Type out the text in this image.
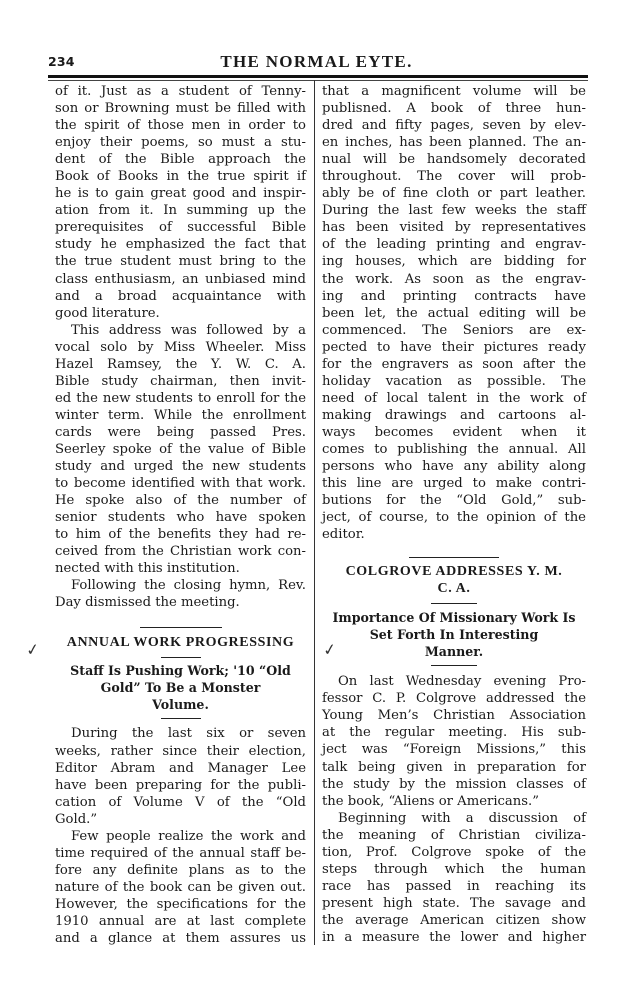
234	THE NORMAL EYTE.
of it. Just as a student of Tenny-
son or Browning must be filled with
the spirit of those men in order to
enjoy their poems, so must a stu-
dent of the Bible approach the
Book of Books in the true spirit if
he is to gain great good and inspir-
ation from it. In summing up the
prerequisites of successful Bible
study he emphasized the fact that
the true student must bring to the
class enthusiasm, an unbiased mind
and a broad acquaintance with
good literature.
This address was followed by a
vocal solo by Miss Wheeler. Miss
Hazel Ramsey, the Y. W. C. A.
Bible study chairman, then invit-
ed the new students to enroll for the
winter term. While the enrollment
cards were being passed Pres.
Seerley spoke of the value of Bible
study and urged the new students
to become identified with that work.
He spoke also of the number of
senior students who have spoken
to him of the benefits they had re-
ceived from the Christian work con-
nected with this institution.
Following the closing hymn, Rev.
Day dismissed the meeting.
ANNUAL WORK PROGRESSING
Staff Is Pushing Work; '10 “Old
Gold” To Be a Monster
Volume.
During the last six or seven
weeks, rather since their election,
Editor Abram and Manager Lee
have been preparing for the publi-
cation of Volume V of the “Old
Gold.”
Few people realize the work and
time required of the annual staff be-
fore any definite plans as to the
nature of the book can be given out.
However, the specifications for the
1910 annual are at last complete
and a glance at them assures us
that a magnificent volume will be
publisned. A book of three hun-
dred and fifty pages, seven by elev-
en inches, has been planned. The an-
nual will be handsomely decorated
throughout. The cover will prob-
ably be of fine cloth or part leather.
During the last few weeks the staff
has been visited by representatives
of the leading printing and engrav-
ing houses, which are bidding for
the work. As soon as the engrav-
ing and printing contracts have
been let, the actual editing will be
commenced. The Seniors are ex-
pected to have their pictures ready
for the engravers as soon after the
holiday vacation as possible. The
need of local talent in the work of
making drawings and cartoons al-
ways becomes evident when it
comes to publishing the annual. All
persons who have any ability along
this line are urged to make contri-
butions for the “Old Gold,” sub-
ject, of course, to the opinion of the
editor.
COLGROVE ADDRESSES Y. M.
C. A.
Importance Of Missionary Work Is
Set Forth In Interesting
Manner.
On last Wednesday evening Pro-
fessor C. P. Colgrove addressed the
Young Men’s Christian Association
at the regular meeting. His sub-
ject was “Foreign Missions,” this
talk being given in preparation for
the study by the mission classes of
the book, “Aliens or Americans.”
Beginning with a discussion of
the meaning of Christian civiliza-
tion, Prof. Colgrove spoke of the
steps through which the human
race has passed in reaching its
present high state. The savage and
the average American citizen show
in a measure the lower and higher
✓	✓
